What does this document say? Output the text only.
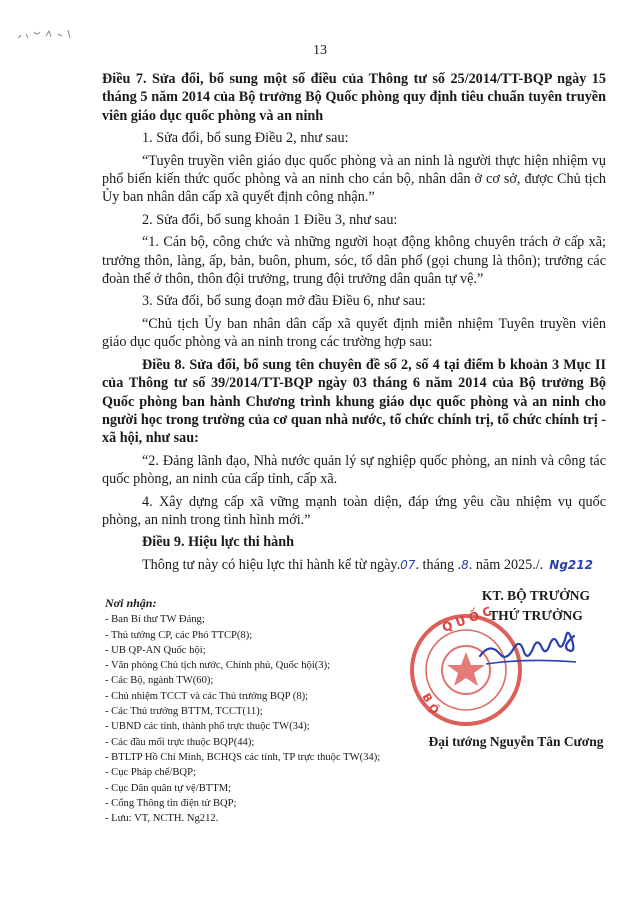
13

Điều 7. Sửa đổi, bổ sung một số điều của Thông tư số 25/2014/TT-BQP ngày 15 tháng 5 năm 2014 của Bộ trưởng Bộ Quốc phòng quy định tiêu chuẩn tuyên truyền viên giáo dục quốc phòng và an ninh

1. Sửa đổi, bổ sung Điều 2, như sau:

“Tuyên truyền viên giáo dục quốc phòng và an ninh là người thực hiện nhiệm vụ phổ biến kiến thức quốc phòng và an ninh cho cán bộ, nhân dân ở cơ sở, được Chủ tịch Ủy ban nhân dân cấp xã quyết định công nhận.”

2. Sửa đổi, bổ sung khoản 1 Điều 3, như sau:

“1. Cán bộ, công chức và những người hoạt động không chuyên trách ở cấp xã; trưởng thôn, làng, ấp, bản, buôn, phum, sóc, tổ dân phố (gọi chung là thôn); trưởng các đoàn thể ở thôn, thôn đội trưởng, trung đội trưởng dân quân tự vệ.”

3. Sửa đổi, bổ sung đoạn mở đầu Điều 6, như sau:

“Chủ tịch Ủy ban nhân dân cấp xã quyết định miễn nhiệm Tuyên truyền viên giáo dục quốc phòng và an ninh trong các trường hợp sau:

Điều 8. Sửa đổi, bổ sung tên chuyên đề số 2, số 4 tại điểm b khoản 3 Mục II của Thông tư số 39/2014/TT-BQP ngày 03 tháng 6 năm 2014 của Bộ trưởng Bộ Quốc phòng ban hành Chương trình khung giáo dục quốc phòng và an ninh cho người học trong trường của cơ quan nhà nước, tổ chức chính trị, tổ chức chính trị - xã hội, như sau:

“2. Đảng lãnh đạo, Nhà nước quản lý sự nghiệp quốc phòng, an ninh và công tác quốc phòng, an ninh của cấp tỉnh, cấp xã.

4. Xây dựng cấp xã vững mạnh toàn diện, đáp ứng yêu cầu nhiệm vụ quốc phòng, an ninh trong tình hình mới.”

Điều 9. Hiệu lực thi hành

Thông tư này có hiệu lực thi hành kể từ ngày.07. tháng .8. năm 2025./. Ng212

Nơi nhận:
- Ban Bí thư TW Đảng;
- Thủ tướng CP, các Phó TTCP(8);
- UB QP-AN Quốc hội;
- Văn phòng Chủ tịch nước, Chính phủ, Quốc hội(3);
- Các Bộ, ngành TW(60);
- Chủ nhiệm TCCT và các Thủ trưởng BQP (8);
- Các Thủ trưởng BTTM, TCCT(11);
- UBND các tỉnh, thành phố trực thuộc TW(34);
- Các đầu mối trực thuộc BQP(44);
- BTLTP Hồ Chí Minh, BCHQS các tỉnh, TP trực thuộc TW(34);
- Cục Pháp chế/BQP;
- Cục Dân quân tự vệ/BTTM;
- Cổng Thông tin điện tử BQP;
- Lưu: VT, NCTH. Ng212.
Q U Ố C
B Ộ
KT. BỘ TRƯỞNG
THỨ TRƯỞNG
Đại tướng Nguyễn Tân Cương
